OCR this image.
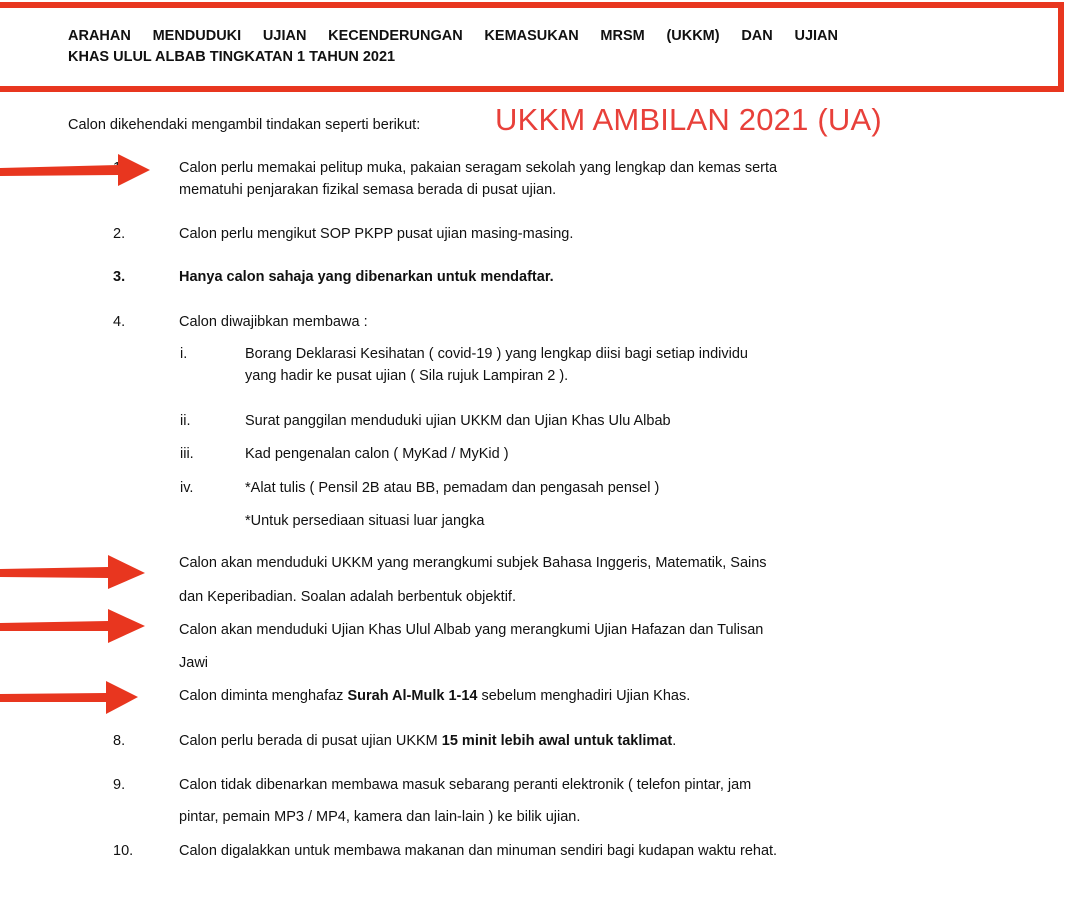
ARAHAN MENDUDUKI UJIAN KECENDERUNGAN KEMASUKAN MRSM (UKKM) DAN UJIAN
KHAS ULUL ALBAB TINGKATAN 1 TAHUN 2021
Calon dikehendaki mengambil tindakan seperti berikut: UKKM AMBILAN 2021 (UA)
Calon perlu memakai pelitup muka, pakaian seragam sekolah yang lengkap dan kemas serta
mematuhi penjarakan fizikal semasa berada di pusat ujian.
2.	Calon perlu mengikut SOP PKPP pusat ujian masing-masing.
3.	Hanya calon sahaja yang dibenarkan untuk mendaftar.
4.	Calon diwajibkan membawa :
i.	Borang Deklarasi Kesihatan ( covid-19 ) yang lengkap diisi bagi setiap individu
yang hadir ke pusat ujian ( Sila rujuk Lampiran 2 ).
ii.	Surat panggilan menduduki ujian UKKM dan Ujian Khas Ulu Albab
iii.	Kad pengenalan calon ( MyKad / MyKid )
iv.	*Alat tulis ( Pensil 2B atau BB, pemadam dan pengasah pensel )
*Untuk persediaan situasi luar jangka
Calon akan menduduki UKKM yang merangkumi subjek Bahasa Inggeris, Matematik, Sains
dan Keperibadian. Soalan adalah berbentuk objektif.
Calon akan menduduki Ujian Khas Ulul Albab yang merangkumi Ujian Hafazan dan Tulisan
Jawi
Calon diminta menghafaz Surah Al-Mulk 1-14 sebelum menghadiri Ujian Khas.
8.	Calon perlu berada di pusat ujian UKKM 15 minit lebih awal untuk taklimat.
9.	Calon tidak dibenarkan membawa masuk sebarang peranti elektronik ( telefon pintar, jam
pintar, pemain MP3 / MP4, kamera dan lain-lain ) ke bilik ujian.
10.	Calon digalakkan untuk membawa makanan dan minuman sendiri bagi kudapan waktu rehat.
